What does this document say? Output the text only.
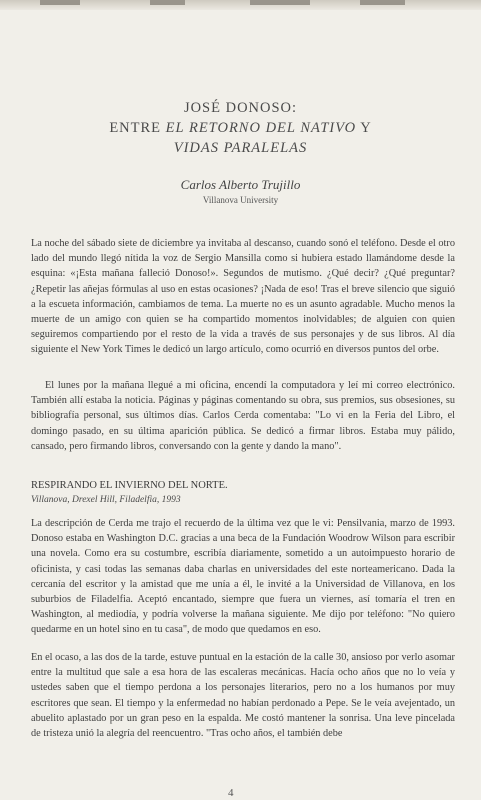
JOSÉ DONOSO:
ENTRE EL RETORNO DEL NATIVO Y
VIDAS PARALELAS
Carlos Alberto Trujillo
Villanova University

La noche del sábado siete de diciembre ya invitaba al descanso, cuando sonó el teléfono. Desde el otro lado del mundo llegó nítida la voz de Sergio Mansilla como si hubiera estado llamándome desde la esquina: «¡Esta mañana falleció Donoso!». Segundos de mutismo. ¿Qué decir? ¿Qué preguntar? ¿Repetir las añejas fórmulas al uso en estas ocasiones? ¡Nada de eso! Tras el breve silencio que siguió a la escueta información, cambiamos de tema. La muerte no es un asunto agradable. Mucho menos la muerte de un amigo con quien se ha compartido momentos inolvidables; de alguien con quien seguiremos compartiendo por el resto de la vida a través de sus personajes y de sus libros. Al día siguiente el New York Times le dedicó un largo artículo, como ocurrió en diversos puntos del orbe.

El lunes por la mañana llegué a mi oficina, encendí la computadora y leí mi correo electrónico. También allí estaba la noticia. Páginas y páginas comentando su obra, sus premios, sus obsesiones, su bibliografía personal, sus últimos días. Carlos Cerda comentaba: "Lo vi en la Feria del Libro, el domingo pasado, en su última aparición pública. Se dedicó a firmar libros. Estaba muy pálido, cansado, pero firmando libros, conversando con la gente y dando la mano".

RESPIRANDO EL INVIERNO DEL NORTE.

Villanova, Drexel Hill, Filadelfia, 1993

La descripción de Cerda me trajo el recuerdo de la última vez que le vi: Pensilvania, marzo de 1993. Donoso estaba en Washington D.C. gracias a una beca de la Fundación Woodrow Wilson para escribir una novela. Como era su costumbre, escribía diariamente, sometido a un autoimpuesto horario de oficinista, y casi todas las semanas daba charlas en universidades del este norteamericano. Dada la cercanía del escritor y la amistad que me unía a él, le invité a la Universidad de Villanova, en los suburbios de Filadelfia. Aceptó encantado, siempre que fuera un viernes, así tomaría el tren en Washington, al mediodía, y podría volverse la mañana siguiente. Me dijo por teléfono: "No quiero quedarme en un hotel sino en tu casa", de modo que quedamos en eso.

En el ocaso, a las dos de la tarde, estuve puntual en la estación de la calle 30, ansioso por verlo asomar entre la multitud que sale a esa hora de las escaleras mecánicas. Hacía ocho años que no lo veía y ustedes saben que el tiempo perdona a los personajes literarios, pero no a los humanos por muy escritores que sean. El tiempo y la enfermedad no habían perdonado a Pepe. Se le veía avejentado, un abuelito aplastado por un gran peso en la espalda. Me costó mantener la sonrisa. Una leve pincelada de tristeza unió la alegría del reencuentro. "Tras ocho años, el también debe

4
